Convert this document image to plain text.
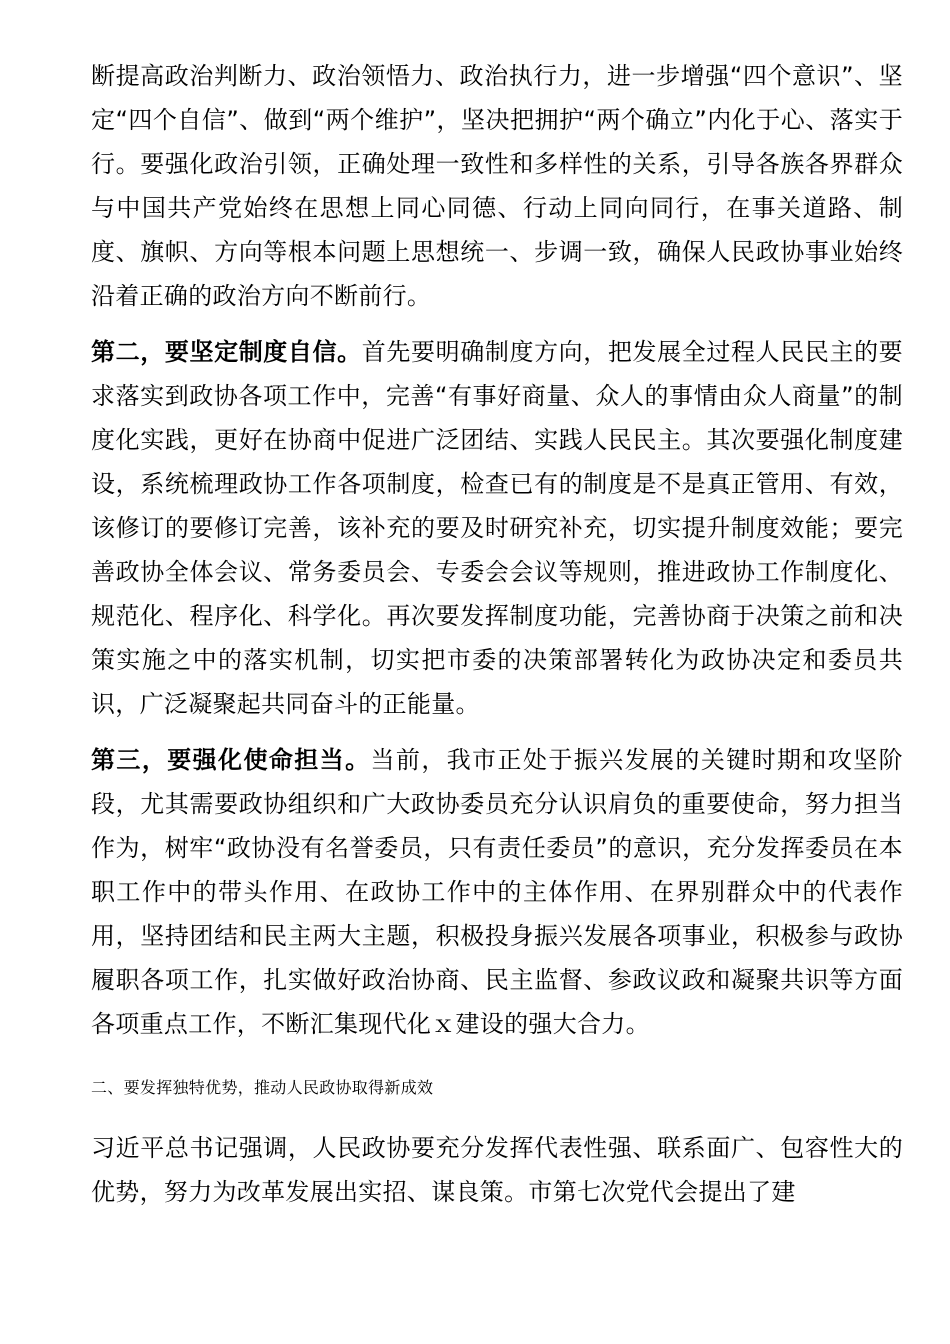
断提高政治判断力、政治领悟力、政治执行力，进一步增强“四个意识”、坚定“四个自信”、做到“两个维护”，坚决把拥护“两个确立”内化于心、落实于行。要强化政治引领，正确处理一致性和多样性的关系，引导各族各界群众与中国共产党始终在思想上同心同德、行动上同向同行，在事关道路、制度、旗帜、方向等根本问题上思想统一、步调一致，确保人民政协事业始终沿着正确的政治方向不断前行。

第二，要坚定制度自信。首先要明确制度方向，把发展全过程人民民主的要求落实到政协各项工作中，完善“有事好商量、众人的事情由众人商量”的制度化实践，更好在协商中促进广泛团结、实践人民民主。其次要强化制度建设，系统梳理政协工作各项制度，检查已有的制度是不是真正管用、有效，该修订的要修订完善，该补充的要及时研究补充，切实提升制度效能；要完善政协全体会议、常务委员会、专委会会议等规则，推进政协工作制度化、规范化、程序化、科学化。再次要发挥制度功能，完善协商于决策之前和决策实施之中的落实机制，切实把市委的决策部署转化为政协决定和委员共识，广泛凝聚起共同奋斗的正能量。

第三，要强化使命担当。当前，我市正处于振兴发展的关键时期和攻坚阶段，尤其需要政协组织和广大政协委员充分认识肩负的重要使命，努力担当作为，树牢“政协没有名誉委员，只有责任委员”的意识，充分发挥委员在本职工作中的带头作用、在政协工作中的主体作用、在界别群众中的代表作用，坚持团结和民主两大主题，积极投身振兴发展各项事业，积极参与政协履职各项工作，扎实做好政治协商、民主监督、参政议政和凝聚共识等方面各项重点工作，不断汇集现代化ｘ建设的强大合力。

二、要发挥独特优势，推动人民政协取得新成效

习近平总书记强调，人民政协要充分发挥代表性强、联系面广、包容性大的优势，努力为改革发展出实招、谋良策。市第七次党代会提出了建
